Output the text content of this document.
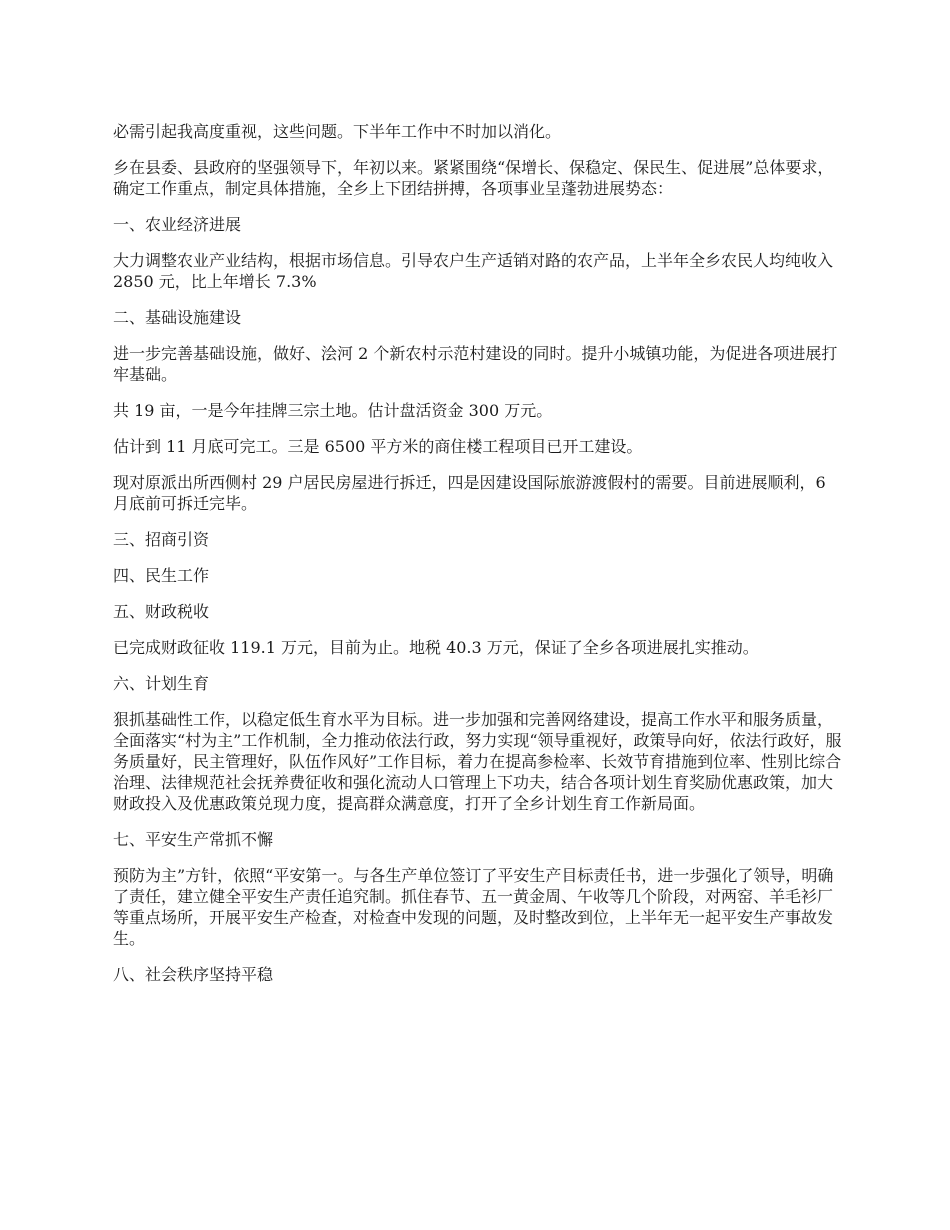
必需引起我高度重视，这些问题。下半年工作中不时加以消化。

乡在县委、县政府的坚强领导下，年初以来。紧紧围绕“保增长、保稳定、保民生、促进展”总体要求，确定工作重点，制定具体措施，全乡上下团结拼搏，各项事业呈蓬勃进展势态：

一、农业经济进展

大力调整农业产业结构，根据市场信息。引导农户生产适销对路的农产品，上半年全乡农民人均纯收入 2850 元，比上年增长 7.3%

二、基础设施建设

进一步完善基础设施，做好、浍河 2 个新农村示范村建设的同时。提升小城镇功能，为促进各项进展打牢基础。

共 19 亩，一是今年挂牌三宗土地。估计盘活资金 300 万元。

估计到 11 月底可完工。三是 6500 平方米的商住楼工程项目已开工建设。

现对原派出所西侧村 29 户居民房屋进行拆迁，四是因建设国际旅游渡假村的需要。目前进展顺利，6 月底前可拆迁完毕。

三、招商引资

四、民生工作

五、财政税收

已完成财政征收 119.1 万元，目前为止。地税 40.3 万元，保证了全乡各项进展扎实推动。

六、计划生育

狠抓基础性工作，以稳定低生育水平为目标。进一步加强和完善网络建设，提高工作水平和服务质量，全面落实“村为主”工作机制，全力推动依法行政，努力实现“领导重视好，政策导向好，依法行政好，服务质量好，民主管理好，队伍作风好”工作目标，着力在提高参检率、长效节育措施到位率、性别比综合治理、法律规范社会抚养费征收和强化流动人口管理上下功夫，结合各项计划生育奖励优惠政策，加大财政投入及优惠政策兑现力度，提高群众满意度，打开了全乡计划生育工作新局面。

七、平安生产常抓不懈

预防为主”方针，依照“平安第一。与各生产单位签订了平安生产目标责任书，进一步强化了领导，明确了责任，建立健全平安生产责任追究制。抓住春节、五一黄金周、午收等几个阶段，对两窑、羊毛衫厂等重点场所，开展平安生产检查，对检查中发现的问题，及时整改到位，上半年无一起平安生产事故发生。

八、社会秩序坚持平稳
